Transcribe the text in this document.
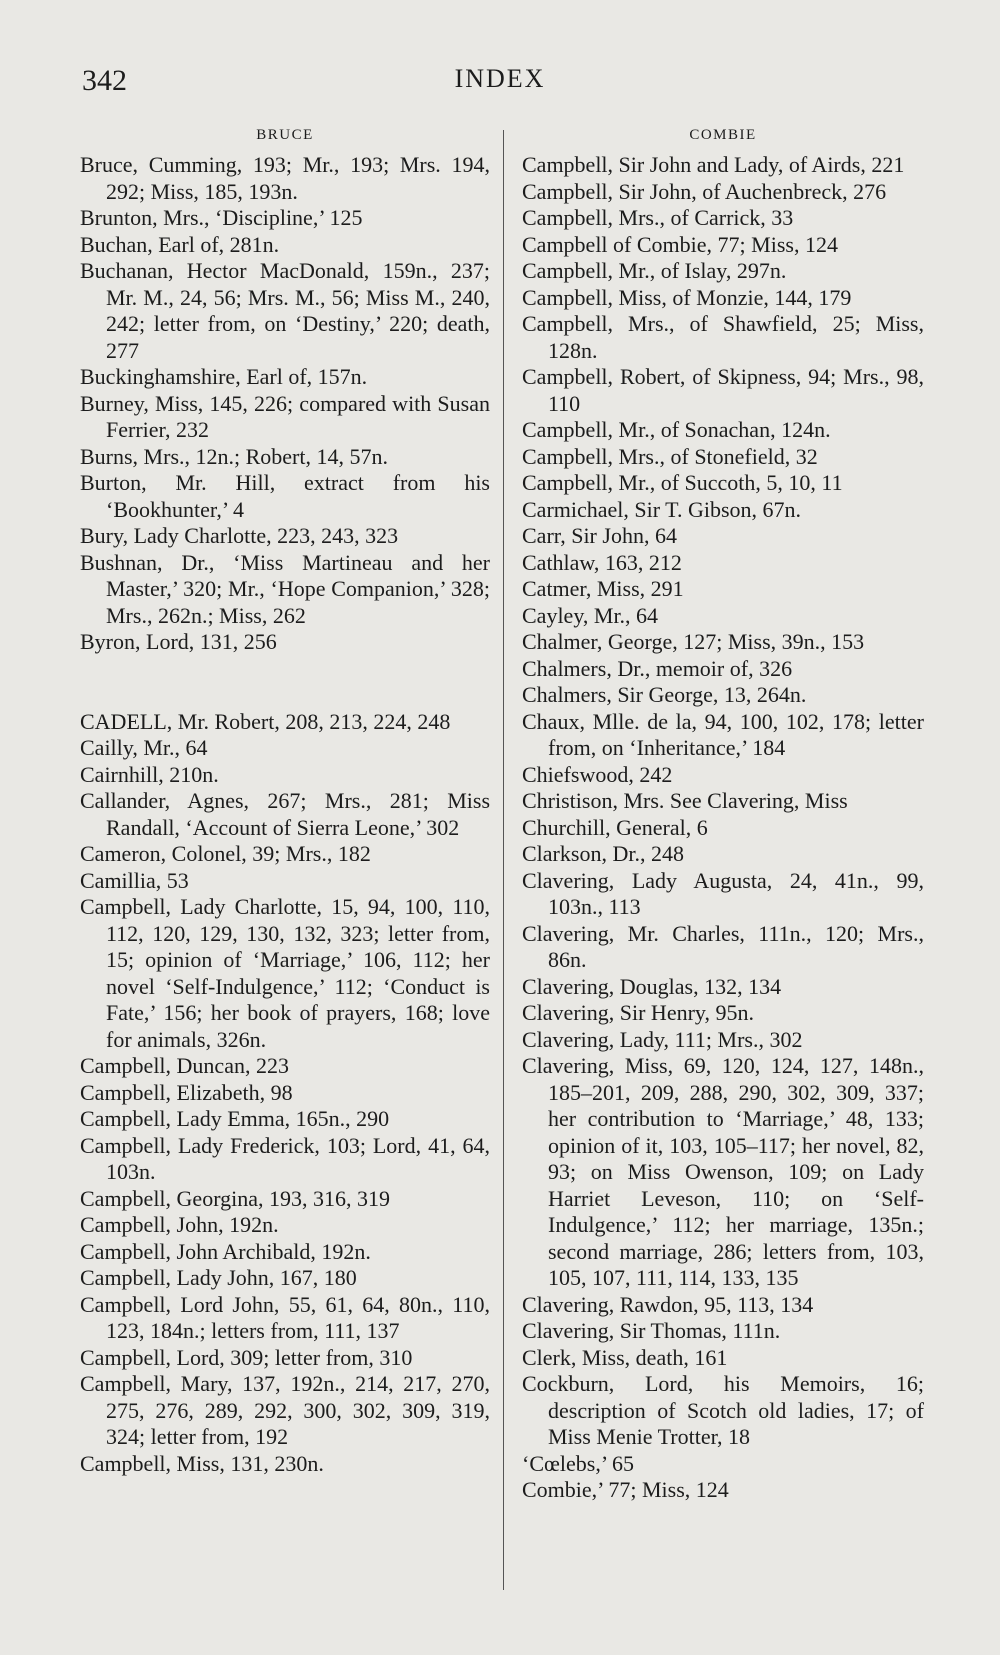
342	INDEX
BRUCE

Bruce, Cumming, 193; Mr., 193; Mrs. 194, 292; Miss, 185, 193n.

Brunton, Mrs., ‘Discipline,’ 125

Buchan, Earl of, 281n.

Buchanan, Hector MacDonald, 159n., 237; Mr. M., 24, 56; Mrs. M., 56; Miss M., 240, 242; letter from, on ‘Destiny,’ 220; death, 277

Buckinghamshire, Earl of, 157n.

Burney, Miss, 145, 226; compared with Susan Ferrier, 232

Burns, Mrs., 12n.; Robert, 14, 57n.

Burton, Mr. Hill, extract from his ‘Bookhunter,’ 4

Bury, Lady Charlotte, 223, 243, 323

Bushnan, Dr., ‘Miss Martineau and her Master,’ 320; Mr., ‘Hope Companion,’ 328; Mrs., 262n.; Miss, 262

Byron, Lord, 131, 256

CADELL, Mr. Robert, 208, 213, 224, 248

Cailly, Mr., 64

Cairnhill, 210n.

Callander, Agnes, 267; Mrs., 281; Miss Randall, ‘Account of Sierra Leone,’ 302

Cameron, Colonel, 39; Mrs., 182

Camillia, 53

Campbell, Lady Charlotte, 15, 94, 100, 110, 112, 120, 129, 130, 132, 323; letter from, 15; opinion of ‘Marriage,’ 106, 112; her novel ‘Self-Indulgence,’ 112; ‘Conduct is Fate,’ 156; her book of prayers, 168; love for animals, 326n.

Campbell, Duncan, 223

Campbell, Elizabeth, 98

Campbell, Lady Emma, 165n., 290

Campbell, Lady Frederick, 103; Lord, 41, 64, 103n.

Campbell, Georgina, 193, 316, 319

Campbell, John, 192n.

Campbell, John Archibald, 192n.

Campbell, Lady John, 167, 180

Campbell, Lord John, 55, 61, 64, 80n., 110, 123, 184n.; letters from, 111, 137

Campbell, Lord, 309; letter from, 310

Campbell, Mary, 137, 192n., 214, 217, 270, 275, 276, 289, 292, 300, 302, 309, 319, 324; letter from, 192

Campbell, Miss, 131, 230n.

COMBIE

Campbell, Sir John and Lady, of Airds, 221

Campbell, Sir John, of Auchenbreck, 276

Campbell, Mrs., of Carrick, 33

Campbell of Combie, 77; Miss, 124

Campbell, Mr., of Islay, 297n.

Campbell, Miss, of Monzie, 144, 179

Campbell, Mrs., of Shawfield, 25; Miss, 128n.

Campbell, Robert, of Skipness, 94; Mrs., 98, 110

Campbell, Mr., of Sonachan, 124n.

Campbell, Mrs., of Stonefield, 32

Campbell, Mr., of Succoth, 5, 10, 11

Carmichael, Sir T. Gibson, 67n.

Carr, Sir John, 64

Cathlaw, 163, 212

Catmer, Miss, 291

Cayley, Mr., 64

Chalmer, George, 127; Miss, 39n., 153

Chalmers, Dr., memoir of, 326

Chalmers, Sir George, 13, 264n.

Chaux, Mlle. de la, 94, 100, 102, 178; letter from, on ‘Inheritance,’ 184

Chiefswood, 242

Christison, Mrs. See Clavering, Miss

Churchill, General, 6

Clarkson, Dr., 248

Clavering, Lady Augusta, 24, 41n., 99, 103n., 113

Clavering, Mr. Charles, 111n., 120; Mrs., 86n.

Clavering, Douglas, 132, 134

Clavering, Sir Henry, 95n.

Clavering, Lady, 111; Mrs., 302

Clavering, Miss, 69, 120, 124, 127, 148n., 185–201, 209, 288, 290, 302, 309, 337; her contribution to ‘Marriage,’ 48, 133; opinion of it, 103, 105–117; her novel, 82, 93; on Miss Owenson, 109; on Lady Harriet Leveson, 110; on ‘Self-Indulgence,’ 112; her marriage, 135n.; second marriage, 286; letters from, 103, 105, 107, 111, 114, 133, 135

Clavering, Rawdon, 95, 113, 134

Clavering, Sir Thomas, 111n.

Clerk, Miss, death, 161

Cockburn, Lord, his Memoirs, 16; description of Scotch old ladies, 17; of Miss Menie Trotter, 18

‘Cœlebs,’ 65

Combie,’ 77; Miss, 124
